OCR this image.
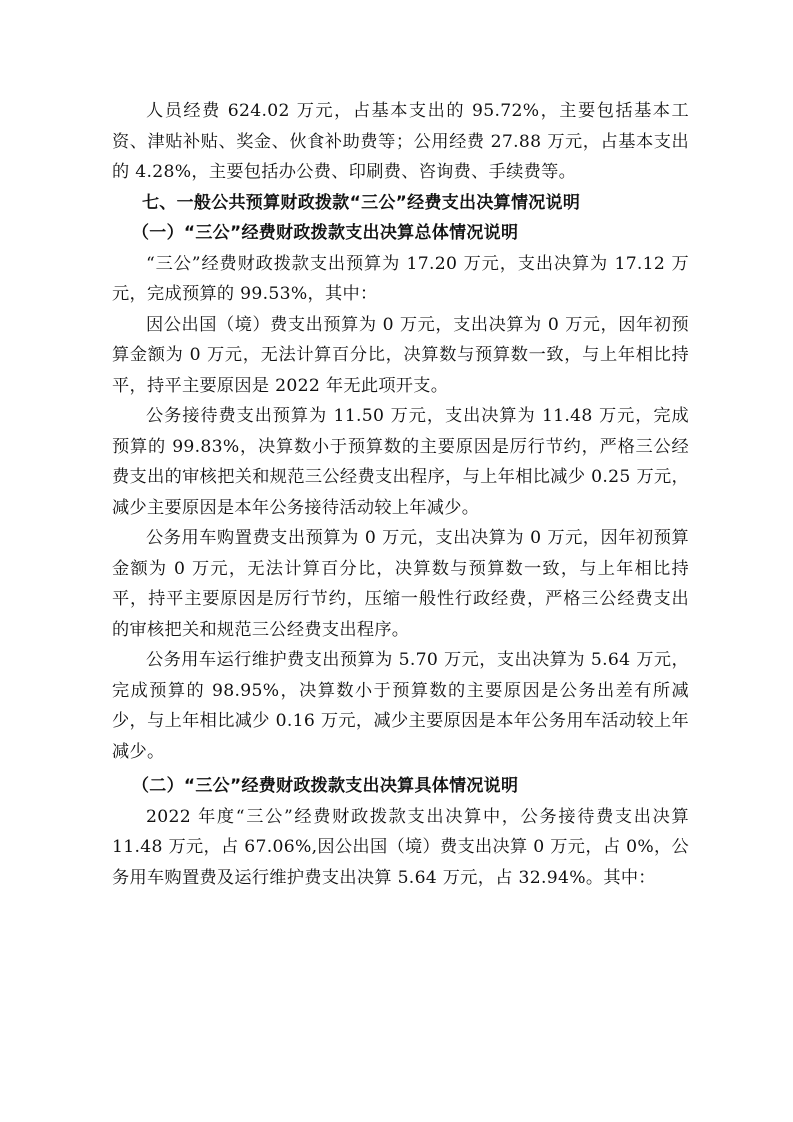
人员经费 624.02 万元，占基本支出的 95.72%，主要包括基本工资、津贴补贴、奖金、伙食补助费等；公用经费 27.88 万元，占基本支出的 4.28%，主要包括办公费、印刷费、咨询费、手续费等。

七、一般公共预算财政拨款“三公”经费支出决算情况说明

（一）“三公”经费财政拨款支出决算总体情况说明

“三公”经费财政拨款支出预算为 17.20 万元，支出决算为 17.12 万元，完成预算的 99.53%，其中：

因公出国（境）费支出预算为 0 万元，支出决算为 0 万元，因年初预算金额为 0 万元，无法计算百分比，决算数与预算数一致，与上年相比持平，持平主要原因是 2022 年无此项开支。

公务接待费支出预算为 11.50 万元，支出决算为 11.48 万元，完成预算的 99.83%，决算数小于预算数的主要原因是厉行节约，严格三公经费支出的审核把关和规范三公经费支出程序，与上年相比减少 0.25 万元，减少主要原因是本年公务接待活动较上年减少。

公务用车购置费支出预算为 0 万元，支出决算为 0 万元，因年初预算金额为 0 万元，无法计算百分比，决算数与预算数一致，与上年相比持平，持平主要原因是厉行节约，压缩一般性行政经费，严格三公经费支出的审核把关和规范三公经费支出程序。

公务用车运行维护费支出预算为 5.70 万元，支出决算为 5.64 万元，完成预算的 98.95%，决算数小于预算数的主要原因是公务出差有所减少，与上年相比减少 0.16 万元，减少主要原因是本年公务用车活动较上年减少。

（二）“三公”经费财政拨款支出决算具体情况说明

2022 年度“三公”经费财政拨款支出决算中，公务接待费支出决算 11.48 万元，占 67.06%,因公出国（境）费支出决算 0 万元，占 0%，公务用车购置费及运行维护费支出决算 5.64 万元，占 32.94%。其中：
